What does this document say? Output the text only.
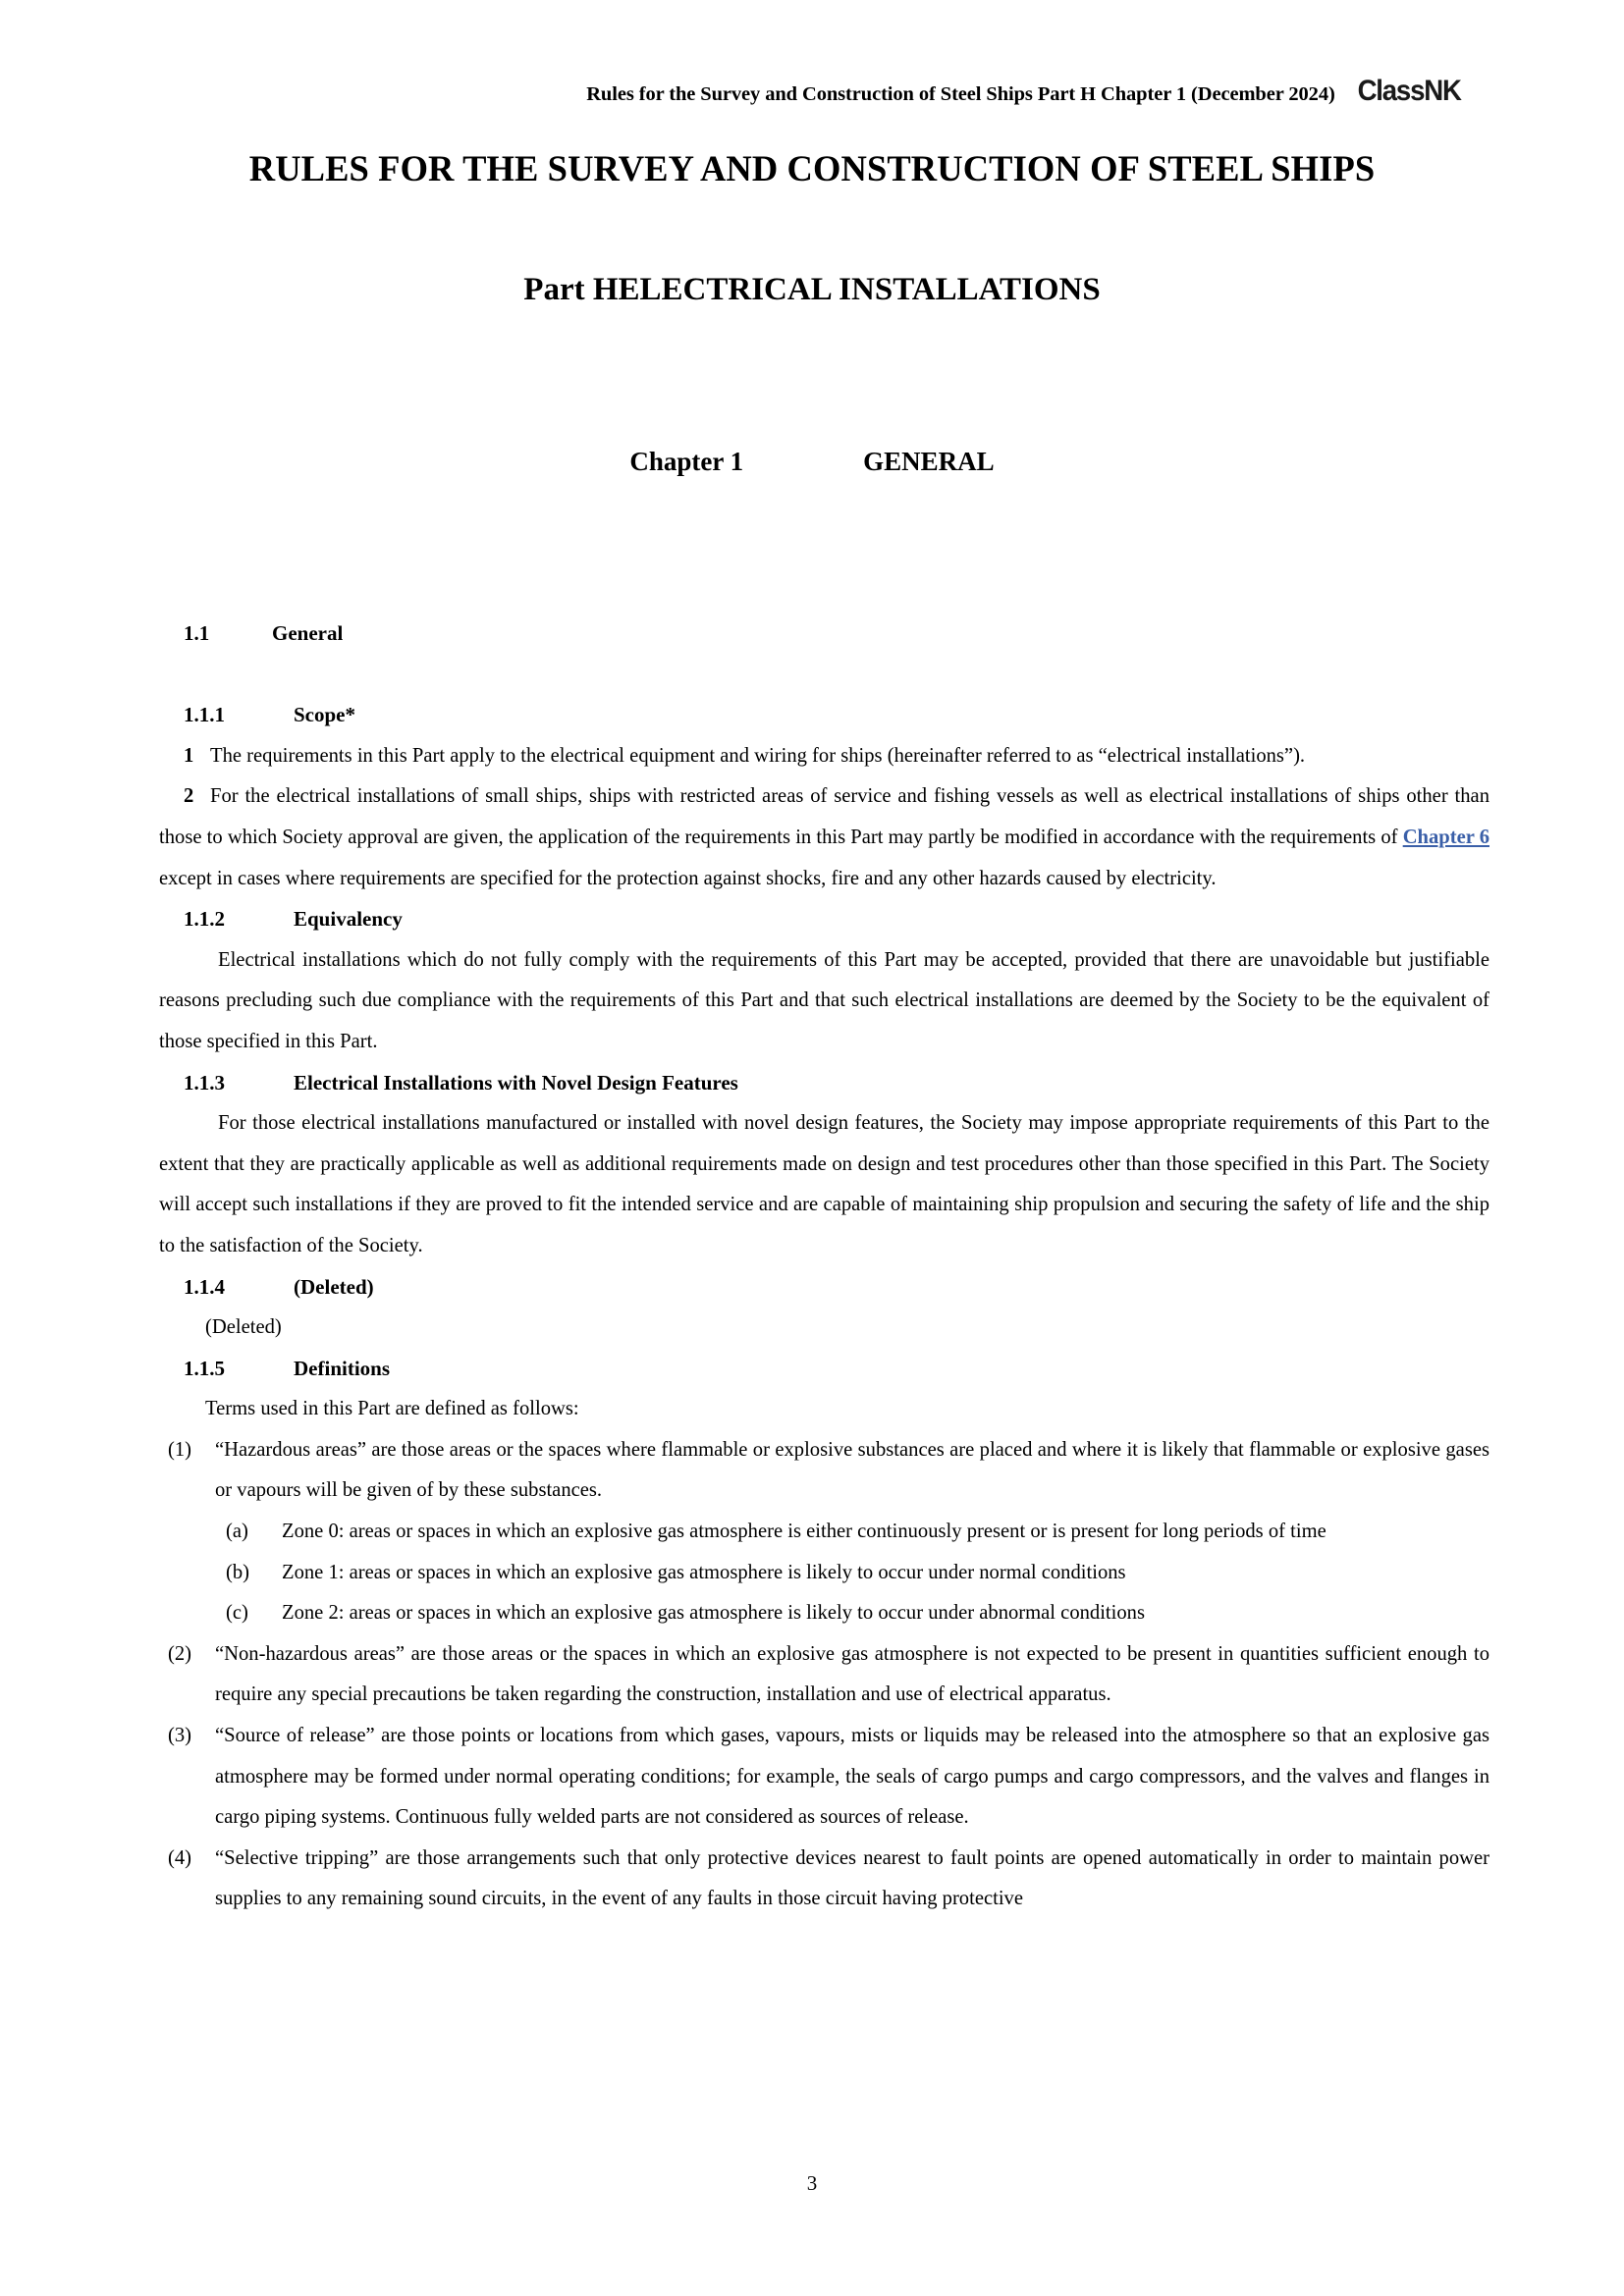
Rules for the Survey and Construction of Steel Ships Part H Chapter 1 (December 2024) ClassNK
RULES FOR THE SURVEY AND CONSTRUCTION OF STEEL SHIPS
Part HELECTRICAL INSTALLATIONS
Chapter 1	GENERAL
1.1	General
1.1.1	Scope*
1 The requirements in this Part apply to the electrical equipment and wiring for ships (hereinafter referred to as “electrical installations”).
2 For the electrical installations of small ships, ships with restricted areas of service and fishing vessels as well as electrical installations of ships other than those to which Society approval are given, the application of the requirements in this Part may partly be modified in accordance with the requirements of Chapter 6 except in cases where requirements are specified for the protection against shocks, fire and any other hazards caused by electricity.
1.1.2	Equivalency
Electrical installations which do not fully comply with the requirements of this Part may be accepted, provided that there are unavoidable but justifiable reasons precluding such due compliance with the requirements of this Part and that such electrical installations are deemed by the Society to be the equivalent of those specified in this Part.
1.1.3	Electrical Installations with Novel Design Features
For those electrical installations manufactured or installed with novel design features, the Society may impose appropriate requirements of this Part to the extent that they are practically applicable as well as additional requirements made on design and test procedures other than those specified in this Part. The Society will accept such installations if they are proved to fit the intended service and are capable of maintaining ship propulsion and securing the safety of life and the ship to the satisfaction of the Society.
1.1.4	(Deleted)
(Deleted)
1.1.5	Definitions
Terms used in this Part are defined as follows:
(1)	“Hazardous areas” are those areas or the spaces where flammable or explosive substances are placed and where it is likely that flammable or explosive gases or vapours will be given of by these substances.
(a)	Zone 0: areas or spaces in which an explosive gas atmosphere is either continuously present or is present for long periods of time
(b)	Zone 1: areas or spaces in which an explosive gas atmosphere is likely to occur under normal conditions
(c)	Zone 2: areas or spaces in which an explosive gas atmosphere is likely to occur under abnormal conditions
(2)	“Non-hazardous areas” are those areas or the spaces in which an explosive gas atmosphere is not expected to be present in quantities sufficient enough to require any special precautions be taken regarding the construction, installation and use of electrical apparatus.
(3)	“Source of release” are those points or locations from which gases, vapours, mists or liquids may be released into the atmosphere so that an explosive gas atmosphere may be formed under normal operating conditions; for example, the seals of cargo pumps and cargo compressors, and the valves and flanges in cargo piping systems. Continuous fully welded parts are not considered as sources of release.
(4)	“Selective tripping” are those arrangements such that only protective devices nearest to fault points are opened automatically in order to maintain power supplies to any remaining sound circuits, in the event of any faults in those circuit having protective
3
